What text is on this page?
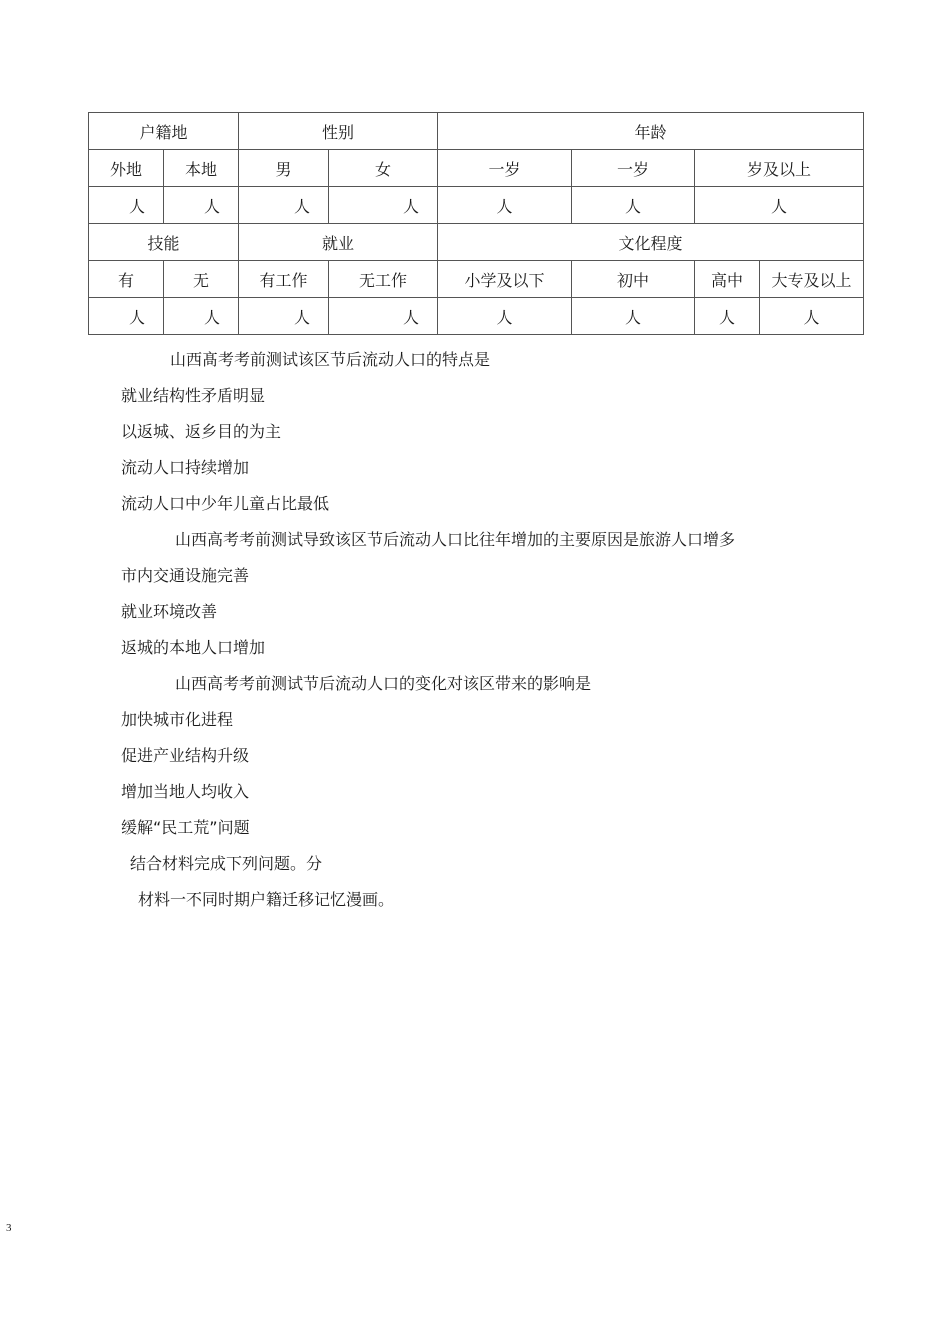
户籍地		性别		年龄			
外地	本地	男	女	一岁	一岁	岁及以上	
人	人	人	人	人	人	人	
技能		就业		文化程度			
有	无	有工作	无工作	小学及以下	初中	高中	大专及以上
人	人	人	人	人	人	人	人
山西髙考考前测试该区节后流动人口的特点是
就业结构性矛盾明显
以返城、返乡目的为主
流动人口持续增加
流动人口中少年儿童占比最低
山西高考考前测试导致该区节后流动人口比往年增加的主要原因是旅游人口增多
市内交通设施完善
就业环境改善
返城的本地人口增加
山西高考考前测试节后流动人口的变化对该区带来的影响是
加快城市化进程
促进产业结构升级
增加当地人均收入
缓解“民工荒”问题
结合材料完成下列问题。分
材料一不同时期户籍迁移记忆漫画。
3
